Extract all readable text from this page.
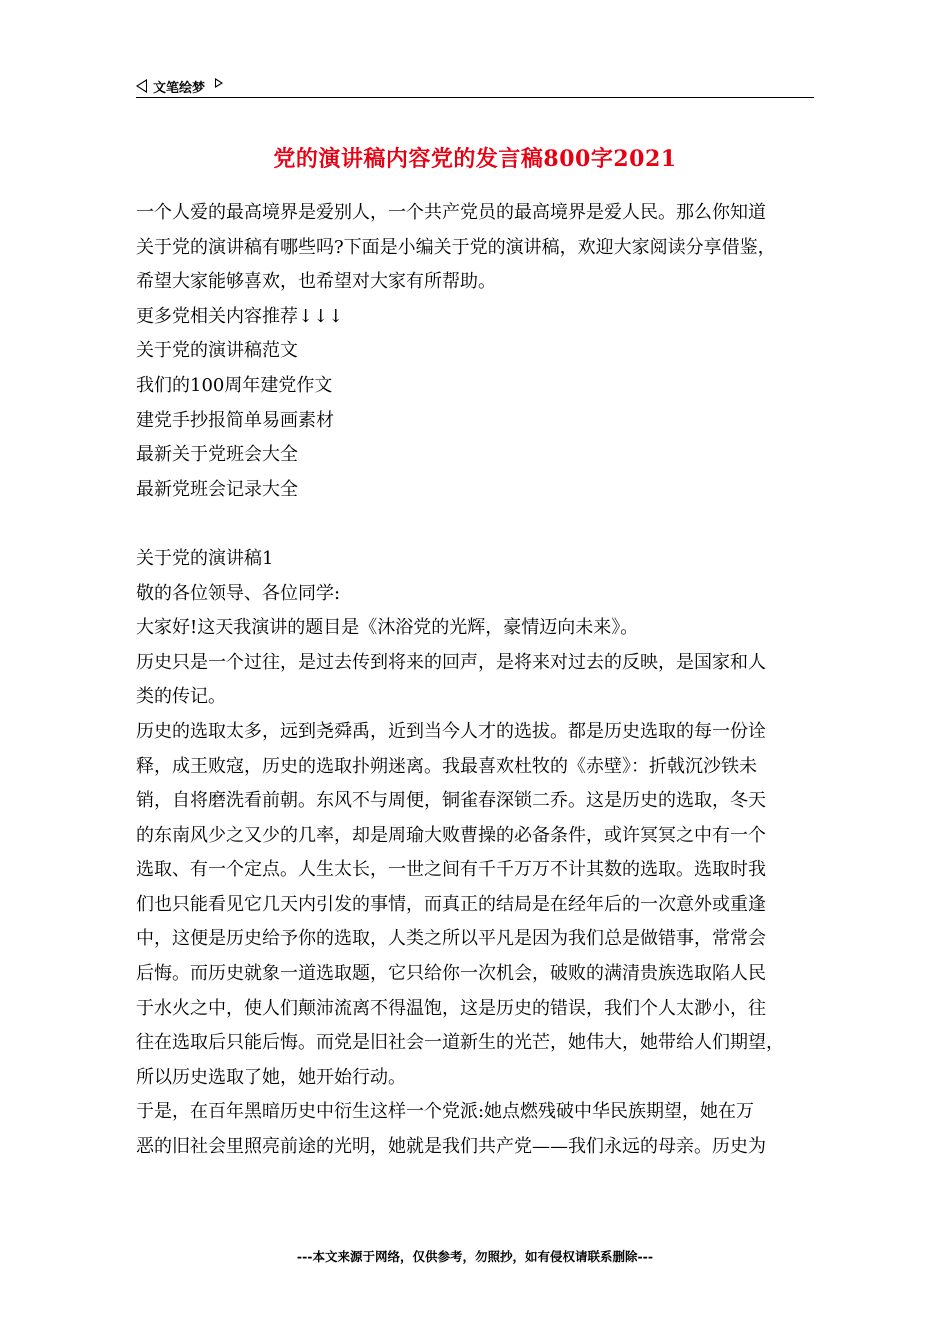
文笔绘梦
党的演讲稿内容党的发言稿800字2021
一个人爱的最高境界是爱别人，一个共产党员的最高境界是爱人民。那么你知道
关于党的演讲稿有哪些吗?下面是小编关于党的演讲稿，欢迎大家阅读分享借鉴，
希望大家能够喜欢，也希望对大家有所帮助。
更多党相关内容推荐↓↓↓
关于党的演讲稿范文
我们的100周年建党作文
建党手抄报简单易画素材
最新关于党班会大全
最新党班会记录大全
关于党的演讲稿1
敬的各位领导、各位同学:
大家好!这天我演讲的题目是《沐浴党的光辉，豪情迈向未来》。
历史只是一个过往，是过去传到将来的回声，是将来对过去的反映，是国家和人
类的传记。
历史的选取太多，远到尧舜禹，近到当今人才的选拔。都是历史选取的每一份诠
释，成王败寇，历史的选取扑朔迷离。我最喜欢杜牧的《赤壁》：折戟沉沙铁未
销，自将磨洗看前朝。东风不与周便，铜雀春深锁二乔。这是历史的选取，冬天
的东南风少之又少的几率，却是周瑜大败曹操的必备条件，或许冥冥之中有一个
选取、有一个定点。人生太长，一世之间有千千万万不计其数的选取。选取时我
们也只能看见它几天内引发的事情，而真正的结局是在经年后的一次意外或重逢
中，这便是历史给予你的选取，人类之所以平凡是因为我们总是做错事，常常会
后悔。而历史就象一道选取题，它只给你一次机会，破败的满清贵族选取陷人民
于水火之中，使人们颠沛流离不得温饱，这是历史的错误，我们个人太渺小，往
往在选取后只能后悔。而党是旧社会一道新生的光芒，她伟大，她带给人们期望，
所以历史选取了她，她开始行动。
于是，在百年黑暗历史中衍生这样一个党派:她点燃残破中华民族期望，她在万
恶的旧社会里照亮前途的光明，她就是我们共产党——我们永远的母亲。历史为
---本文来源于网络，仅供参考，勿照抄，如有侵权请联系删除---
